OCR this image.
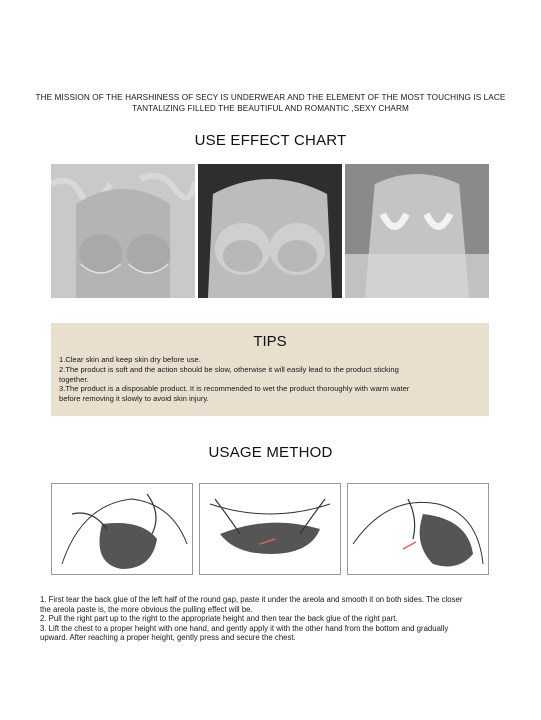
THE MISSION OF THE HARSHINESS OF SECY IS UNDERWEAR AND THE ELEMENT OF THE MOST TOUCHING IS LACE
TANTALIZING FILLED THE BEAUTIFUL AND ROMANTIC ,SEXY CHARM
USE EFFECT CHART
TIPS
1.Clear skin and keep skin dry before use.
2.The product is soft and the action should be slow, otherwise it will easily lead to the product sticking
together.
3.The product is a disposable product. It is recommended to wet the product thoroughly with warm water
before removing it slowly to avoid skin injury.
USAGE METHOD
1. First tear the back glue of the left half of the round gap, paste it under the areola and smooth it on both sides. The closer
the areola paste is, the more obvious the pulling effect will be.
2. Pull the right part up to the right to the appropriate height and then tear the back glue of the right part.
3. Lift the chest to a proper height with one hand, and gently apply it with the other hand from the bottom and gradually
upward. After reaching a proper height, gently press and secure the chest.
